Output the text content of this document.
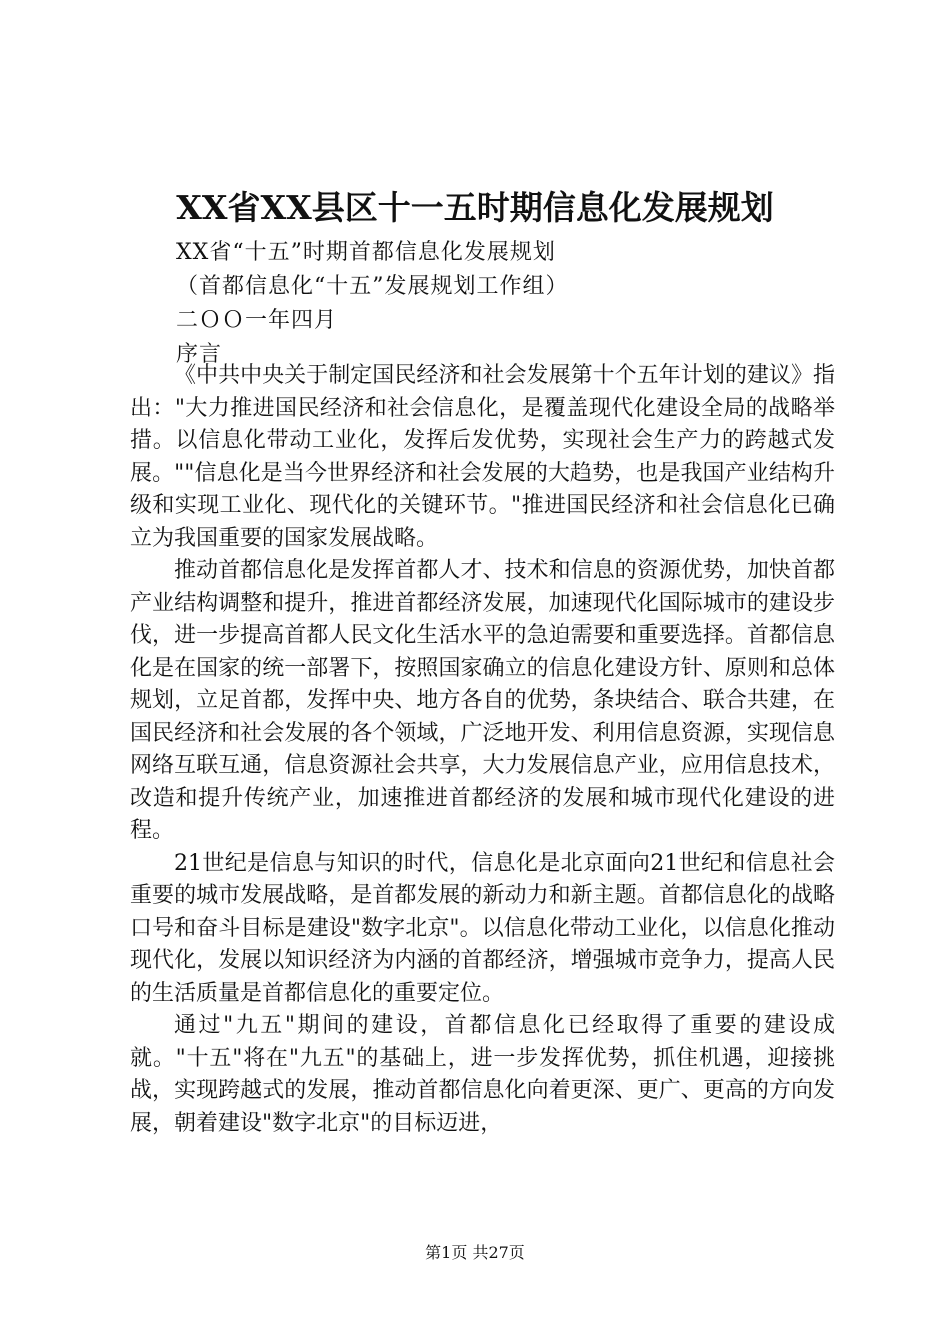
XX省XX县区十一五时期信息化发展规划
XX省“十五”时期首都信息化发展规划
（首都信息化“十五”发展规划工作组）
二ＯＯ一年四月
序言

《中共中央关于制定国民经济和社会发展第十个五年计划的建议》指出："大力推进国民经济和社会信息化，是覆盖现代化建设全局的战略举措。以信息化带动工业化，发挥后发优势，实现社会生产力的跨越式发展。""信息化是当今世界经济和社会发展的大趋势，也是我国产业结构升级和实现工业化、现代化的关键环节。"推进国民经济和社会信息化已确立为我国重要的国家发展战略。

推动首都信息化是发挥首都人才、技术和信息的资源优势，加快首都产业结构调整和提升，推进首都经济发展，加速现代化国际城市的建设步伐，进一步提高首都人民文化生活水平的急迫需要和重要选择。首都信息化是在国家的统一部署下，按照国家确立的信息化建设方针、原则和总体规划，立足首都，发挥中央、地方各自的优势，条块结合、联合共建，在国民经济和社会发展的各个领域，广泛地开发、利用信息资源，实现信息网络互联互通，信息资源社会共享，大力发展信息产业，应用信息技术，改造和提升传统产业，加速推进首都经济的发展和城市现代化建设的进程。

21世纪是信息与知识的时代，信息化是北京面向21世纪和信息社会重要的城市发展战略，是首都发展的新动力和新主题。首都信息化的战略口号和奋斗目标是建设"数字北京"。以信息化带动工业化，以信息化推动现代化，发展以知识经济为内涵的首都经济，增强城市竞争力，提高人民的生活质量是首都信息化的重要定位。

通过"九五"期间的建设，首都信息化已经取得了重要的建设成就。"十五"将在"九五"的基础上，进一步发挥优势，抓住机遇，迎接挑战，实现跨越式的发展，推动首都信息化向着更深、更广、更高的方向发展，朝着建设"数字北京"的目标迈进，

第1页 共27页
